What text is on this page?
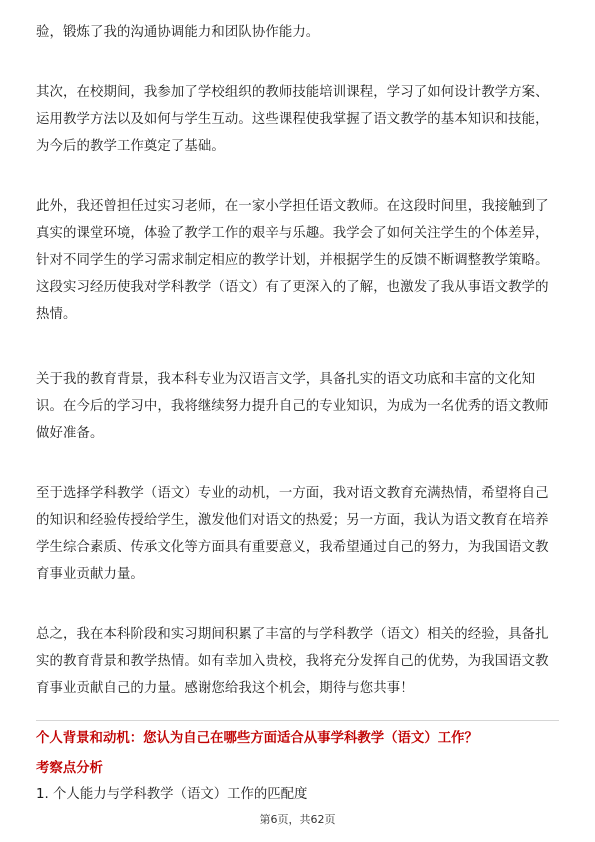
验，锻炼了我的沟通协调能力和团队协作能力。

其次，在校期间，我参加了学校组织的教师技能培训课程，学习了如何设计教学方案、运用教学方法以及如何与学生互动。这些课程使我掌握了语文教学的基本知识和技能，为今后的教学工作奠定了基础。

此外，我还曾担任过实习老师，在一家小学担任语文教师。在这段时间里，我接触到了真实的课堂环境，体验了教学工作的艰辛与乐趣。我学会了如何关注学生的个体差异，针对不同学生的学习需求制定相应的教学计划，并根据学生的反馈不断调整教学策略。这段实习经历使我对学科教学（语文）有了更深入的了解，也激发了我从事语文教学的热情。

关于我的教育背景，我本科专业为汉语言文学，具备扎实的语文功底和丰富的文化知识。在今后的学习中，我将继续努力提升自己的专业知识，为成为一名优秀的语文教师做好准备。

至于选择学科教学（语文）专业的动机，一方面，我对语文教育充满热情，希望将自己的知识和经验传授给学生，激发他们对语文的热爱；另一方面，我认为语文教育在培养学生综合素质、传承文化等方面具有重要意义，我希望通过自己的努力，为我国语文教育事业贡献力量。

总之，我在本科阶段和实习期间积累了丰富的与学科教学（语文）相关的经验，具备扎实的教育背景和教学热情。如有幸加入贵校，我将充分发挥自己的优势，为我国语文教育事业贡献自己的力量。感谢您给我这个机会，期待与您共事！

个人背景和动机：您认为自己在哪些方面适合从事学科教学（语文）工作？

考察点分析

1. 个人能力与学科教学（语文）工作的匹配度

第6页，共62页
